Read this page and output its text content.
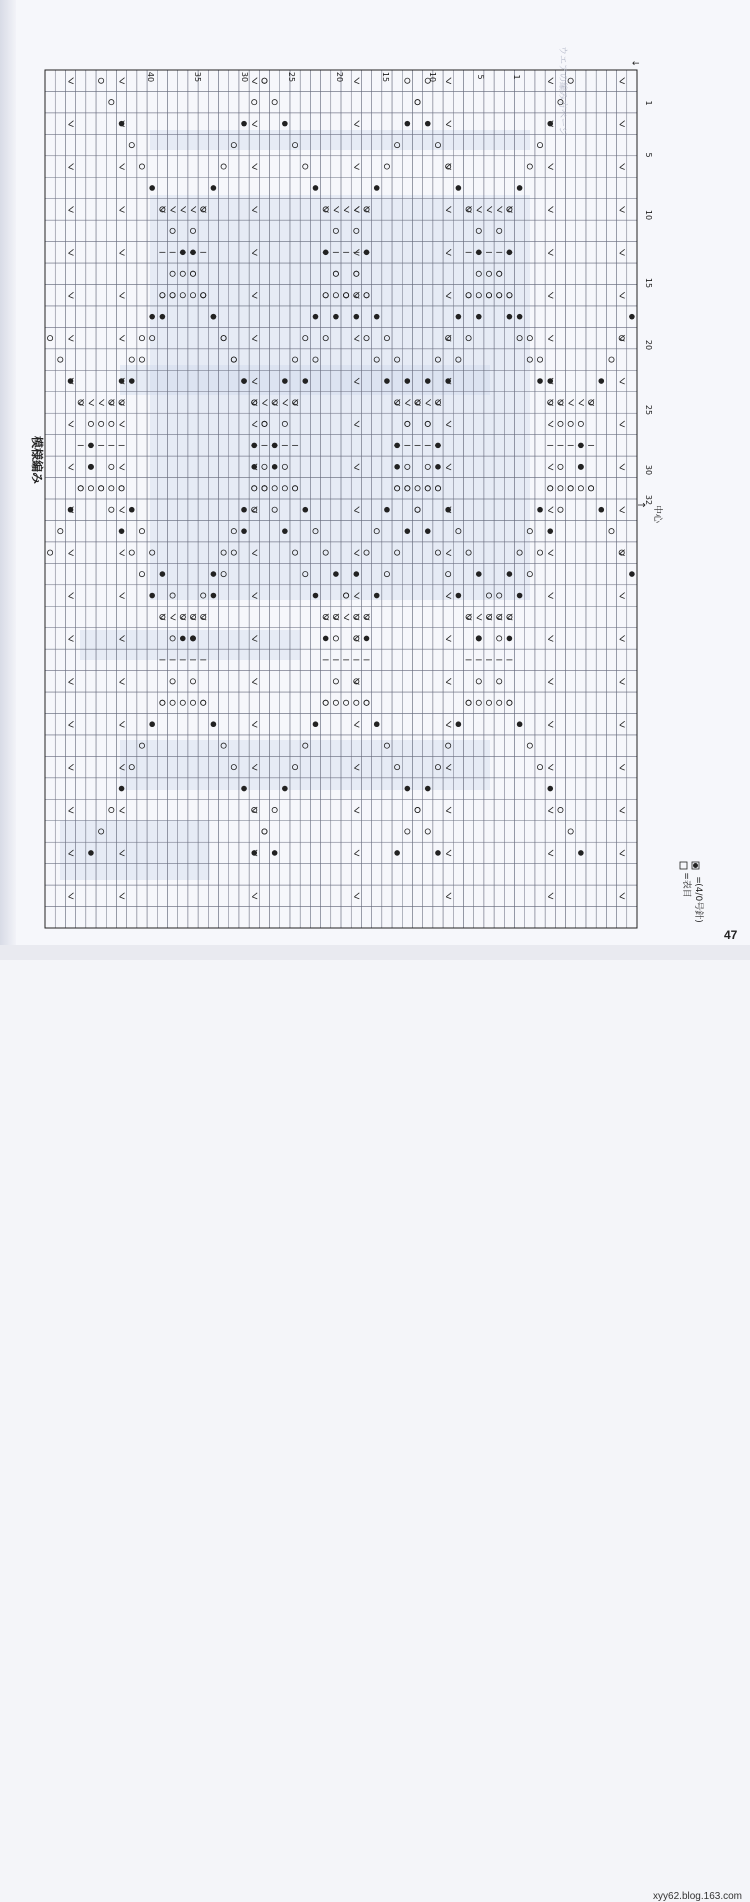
40	35	30	25	20	15	10	5	1
1
5
10
15
20
25
30
32
模様編み
中心
↑
←
=表目 =
(4/0号針)
ウエアの編み方ページ
47
xyy62.blog.163.com
